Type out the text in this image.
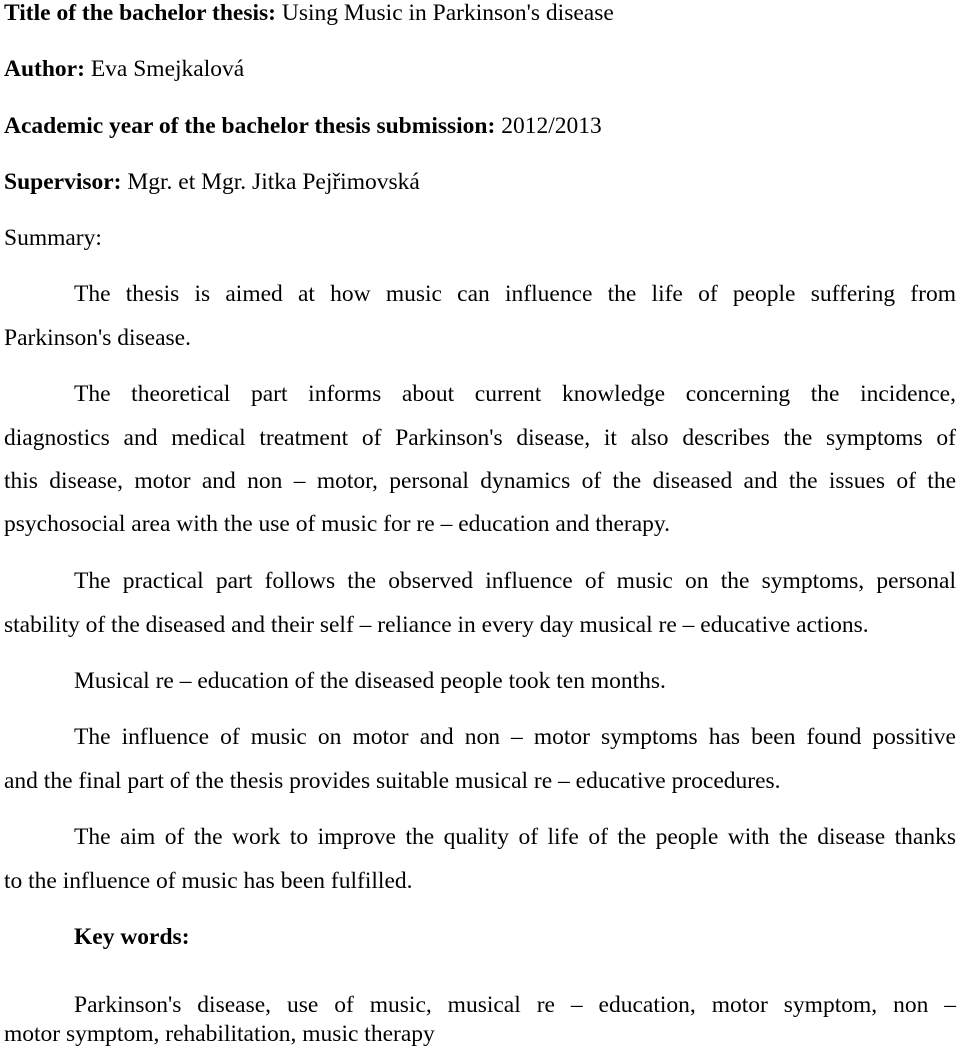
Title of the bachelor thesis: Using Music in Parkinson's disease
Author: Eva Smejkalová
Academic year of the bachelor thesis submission: 2012/2013
Supervisor: Mgr. et Mgr. Jitka Pejřimovská
Summary:
The thesis is aimed at how music can influence the life of people suffering from
Parkinson's disease.
The theoretical part informs about current knowledge concerning the incidence,
diagnostics and medical treatment of Parkinson's disease, it also describes the symptoms of
this disease, motor and non – motor, personal dynamics of the diseased and the issues of the
psychosocial area with the use of music for re – education and therapy.
The practical part follows the observed influence of music on the symptoms, personal
stability of the diseased and their self – reliance in every day musical re – educative actions.
Musical re – education of the diseased people took ten months.
The influence of music on motor and non – motor symptoms has been found possitive
and the final part of the thesis provides suitable musical re – educative procedures.
The aim of the work to improve the quality of life of the people with the disease thanks
to the influence of music has been fulfilled.
Key words:
Parkinson's disease, use of music, musical re – education, motor symptom, non –
motor symptom, rehabilitation, music therapy
